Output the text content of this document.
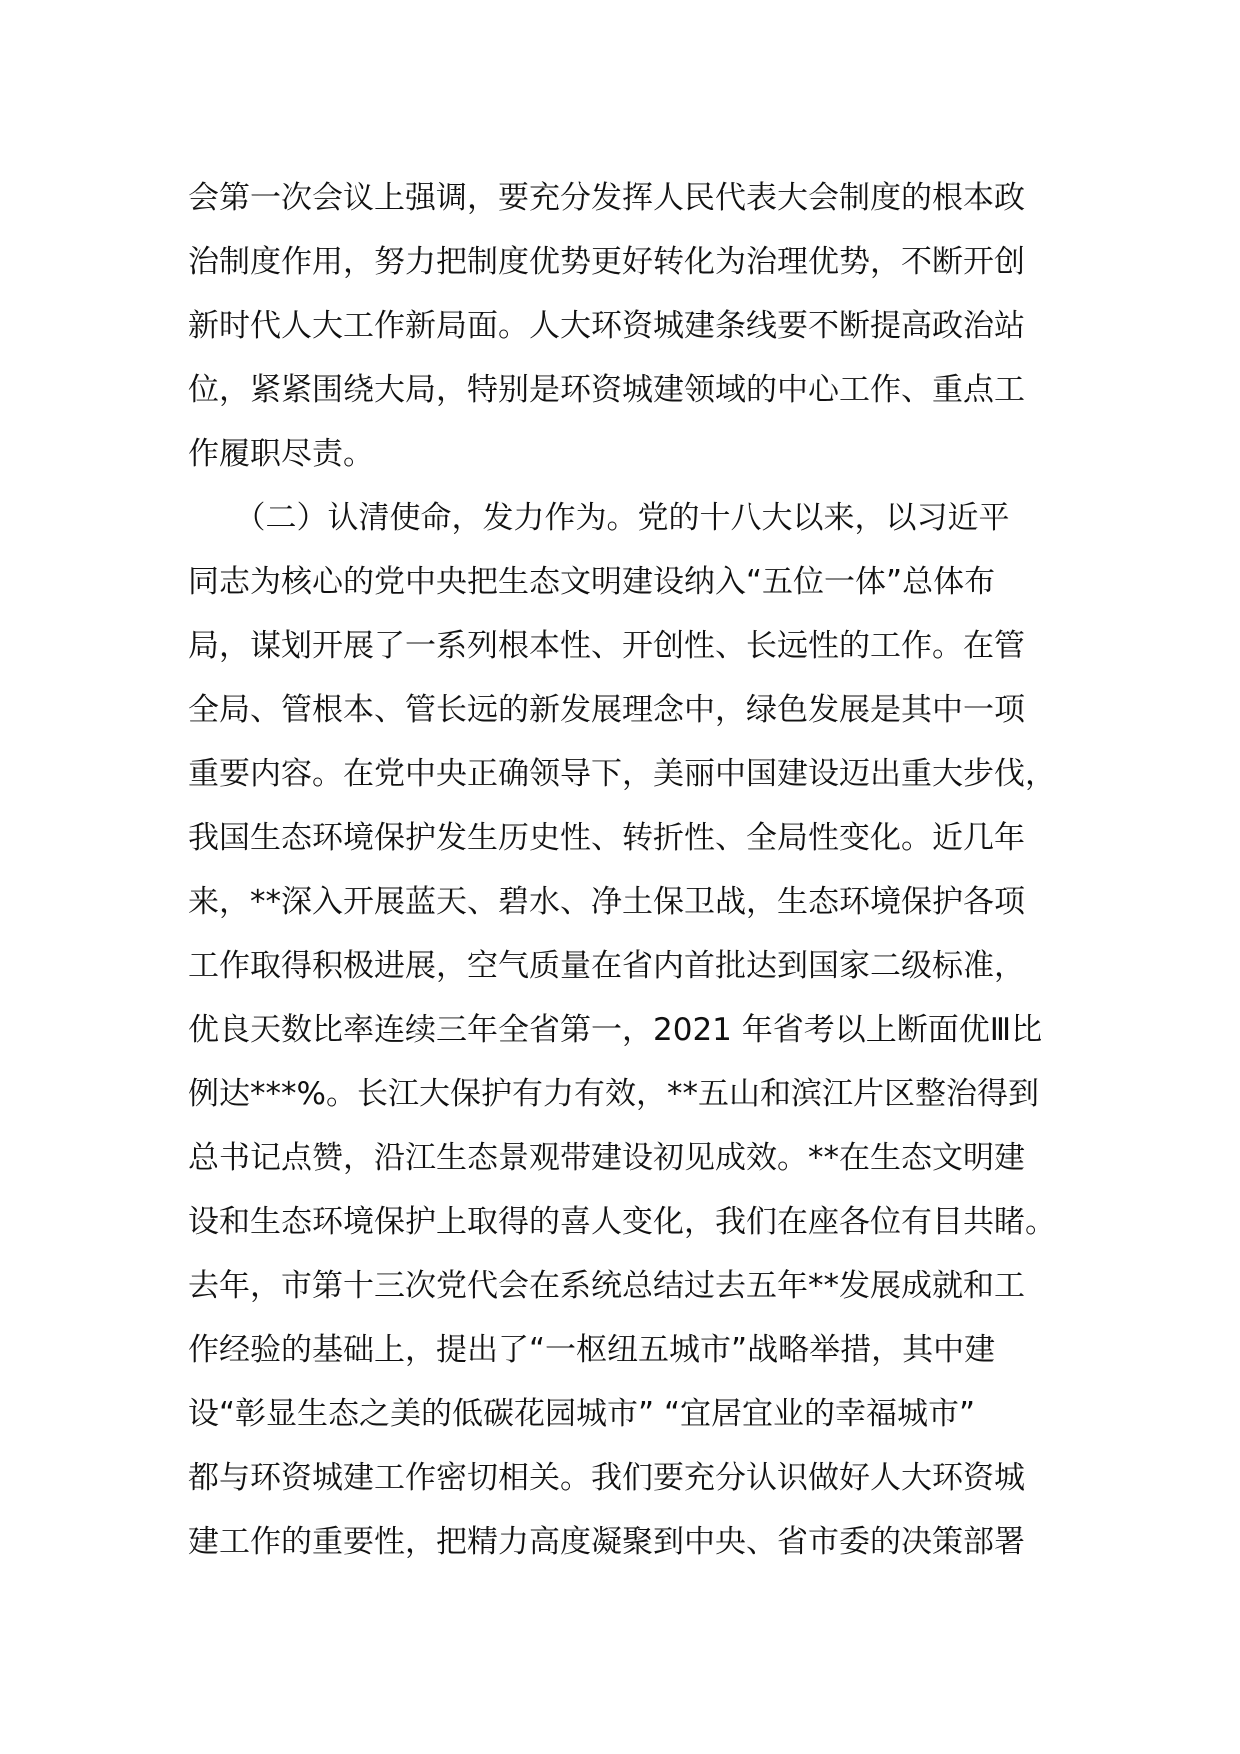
会第一次会议上强调，要充分发挥人民代表大会制度的根本政
治制度作用，努力把制度优势更好转化为治理优势，不断开创
新时代人大工作新局面。人大环资城建条线要不断提高政治站
位，紧紧围绕大局，特别是环资城建领域的中心工作、重点工
作履职尽责。
　　（二）认清使命，发力作为。党的十八大以来，以习近平
同志为核心的党中央把生态文明建设纳入“五位一体”总体布
局，谋划开展了一系列根本性、开创性、长远性的工作。在管
全局、管根本、管长远的新发展理念中，绿色发展是其中一项
重要内容。在党中央正确领导下，美丽中国建设迈出重大步伐，
我国生态环境保护发生历史性、转折性、全局性变化。近几年
来，**深入开展蓝天、碧水、净土保卫战，生态环境保护各项
工作取得积极进展，空气质量在省内首批达到国家二级标准，
优良天数比率连续三年全省第一，2021 年省考以上断面优Ⅲ比
例达***%。长江大保护有力有效，**五山和滨江片区整治得到
总书记点赞，沿江生态景观带建设初见成效。**在生态文明建
设和生态环境保护上取得的喜人变化，我们在座各位有目共睹。
去年，市第十三次党代会在系统总结过去五年**发展成就和工
作经验的基础上，提出了“一枢纽五城市”战略举措，其中建
设“彰显生态之美的低碳花园城市” “宜居宜业的幸福城市”
都与环资城建工作密切相关。我们要充分认识做好人大环资城
建工作的重要性，把精力高度凝聚到中央、省市委的决策部署
